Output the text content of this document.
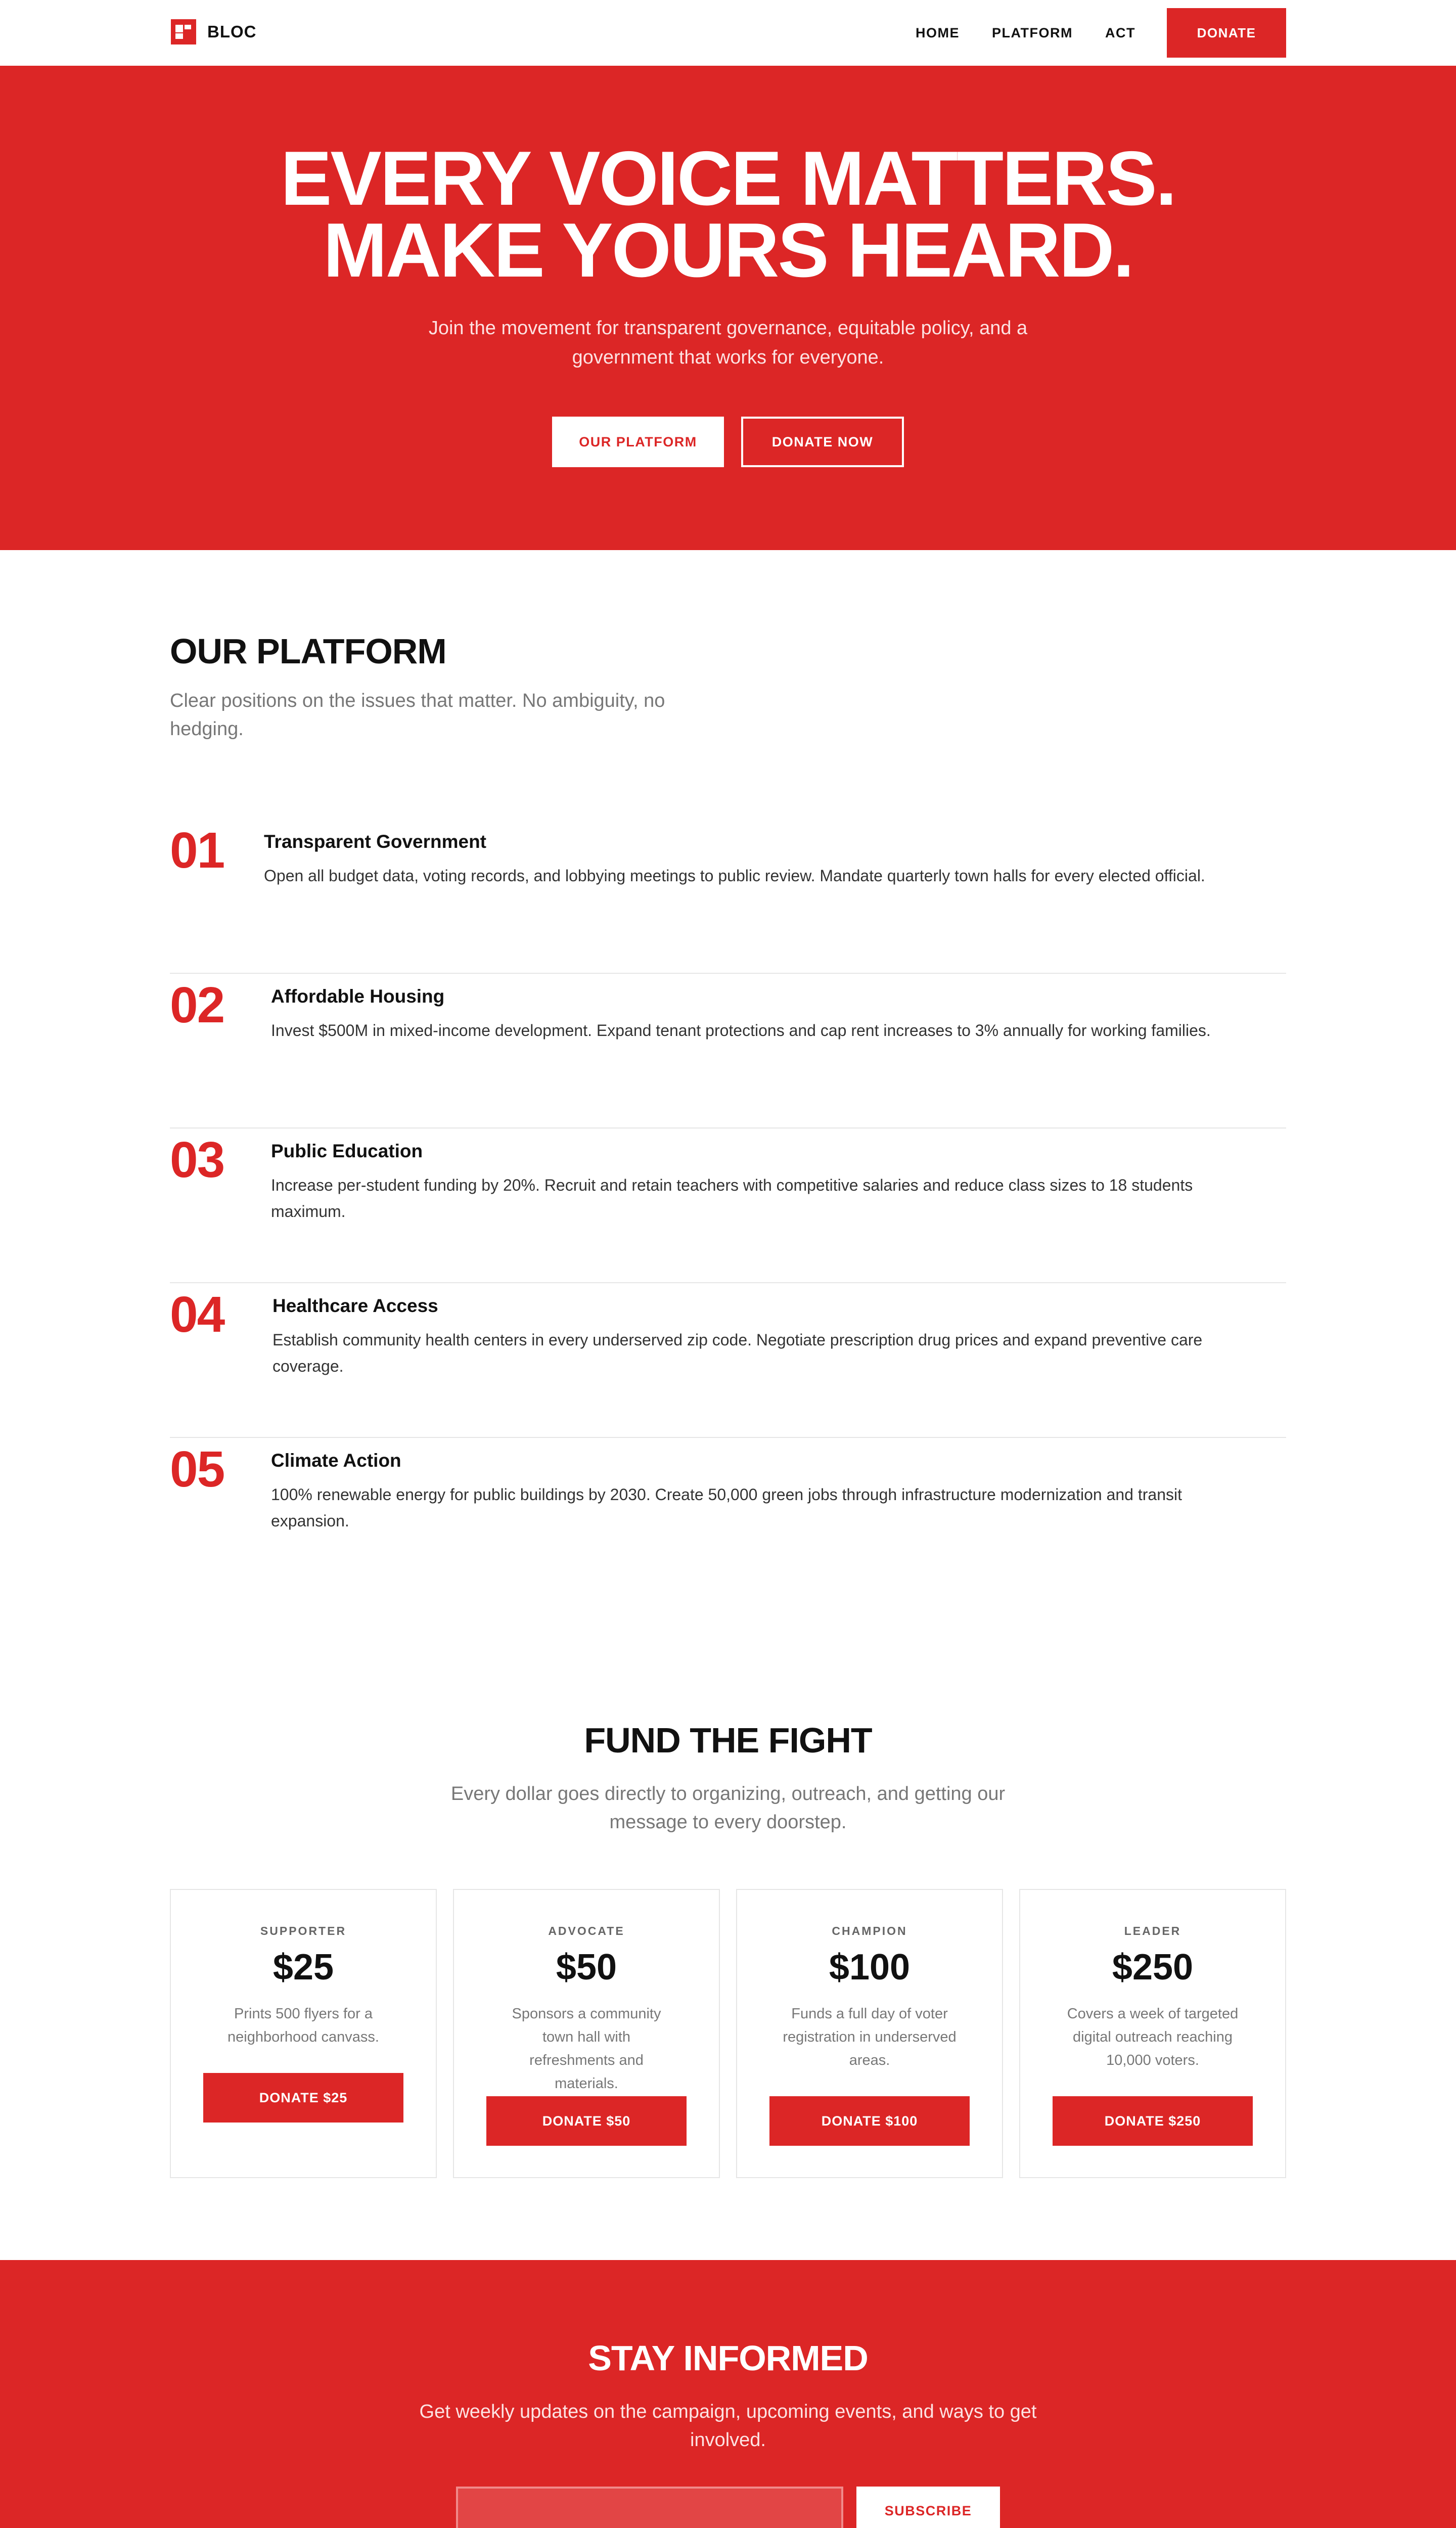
BLOC	HOME PLATFORM ACT	DONATE
EVERY VOICE MATTERS.
MAKE YOURS HEARD.

Join the movement for transparent governance, equitable policy, and a government that works for everyone.

OUR PLATFORM	DONATE NOW
OUR PLATFORM

Clear positions on the issues that matter. No ambiguity, no hedging.

01 Transparent Government
Open all budget data, voting records, and lobbying meetings to public review. Mandate quarterly town halls for every elected official.
02	Affordable Housing
Invest $500M in mixed-income development. Expand tenant protections and cap rent increases to 3% annually for working families.
03	Public Education
Increase per-student funding by 20%. Recruit and retain teachers with competitive salaries and reduce class sizes to 18 students maximum.
04	Healthcare Access
Establish community health centers in every underserved zip code. Negotiate prescription drug prices and expand preventive care coverage.
05	Climate Action
100% renewable energy for public buildings by 2030. Create 50,000 green jobs through infrastructure modernization and transit expansion.
FUND THE FIGHT

Every dollar goes directly to organizing, outreach, and getting our message to every doorstep.

SUPPORTER
$25
Prints 500 flyers for a neighborhood canvass.
DONATE $25
ADVOCATE
$50
Sponsors a community town hall with refreshments and materials.
DONATE $50
CHAMPION
$100
Funds a full day of voter registration in underserved areas.
DONATE $100
LEADER
$250
Covers a week of targeted digital outreach reaching 10,000 voters.
DONATE $250
STAY INFORMED

Get weekly updates on the campaign, upcoming events, and ways to get involved.

SUBSCRIBE
